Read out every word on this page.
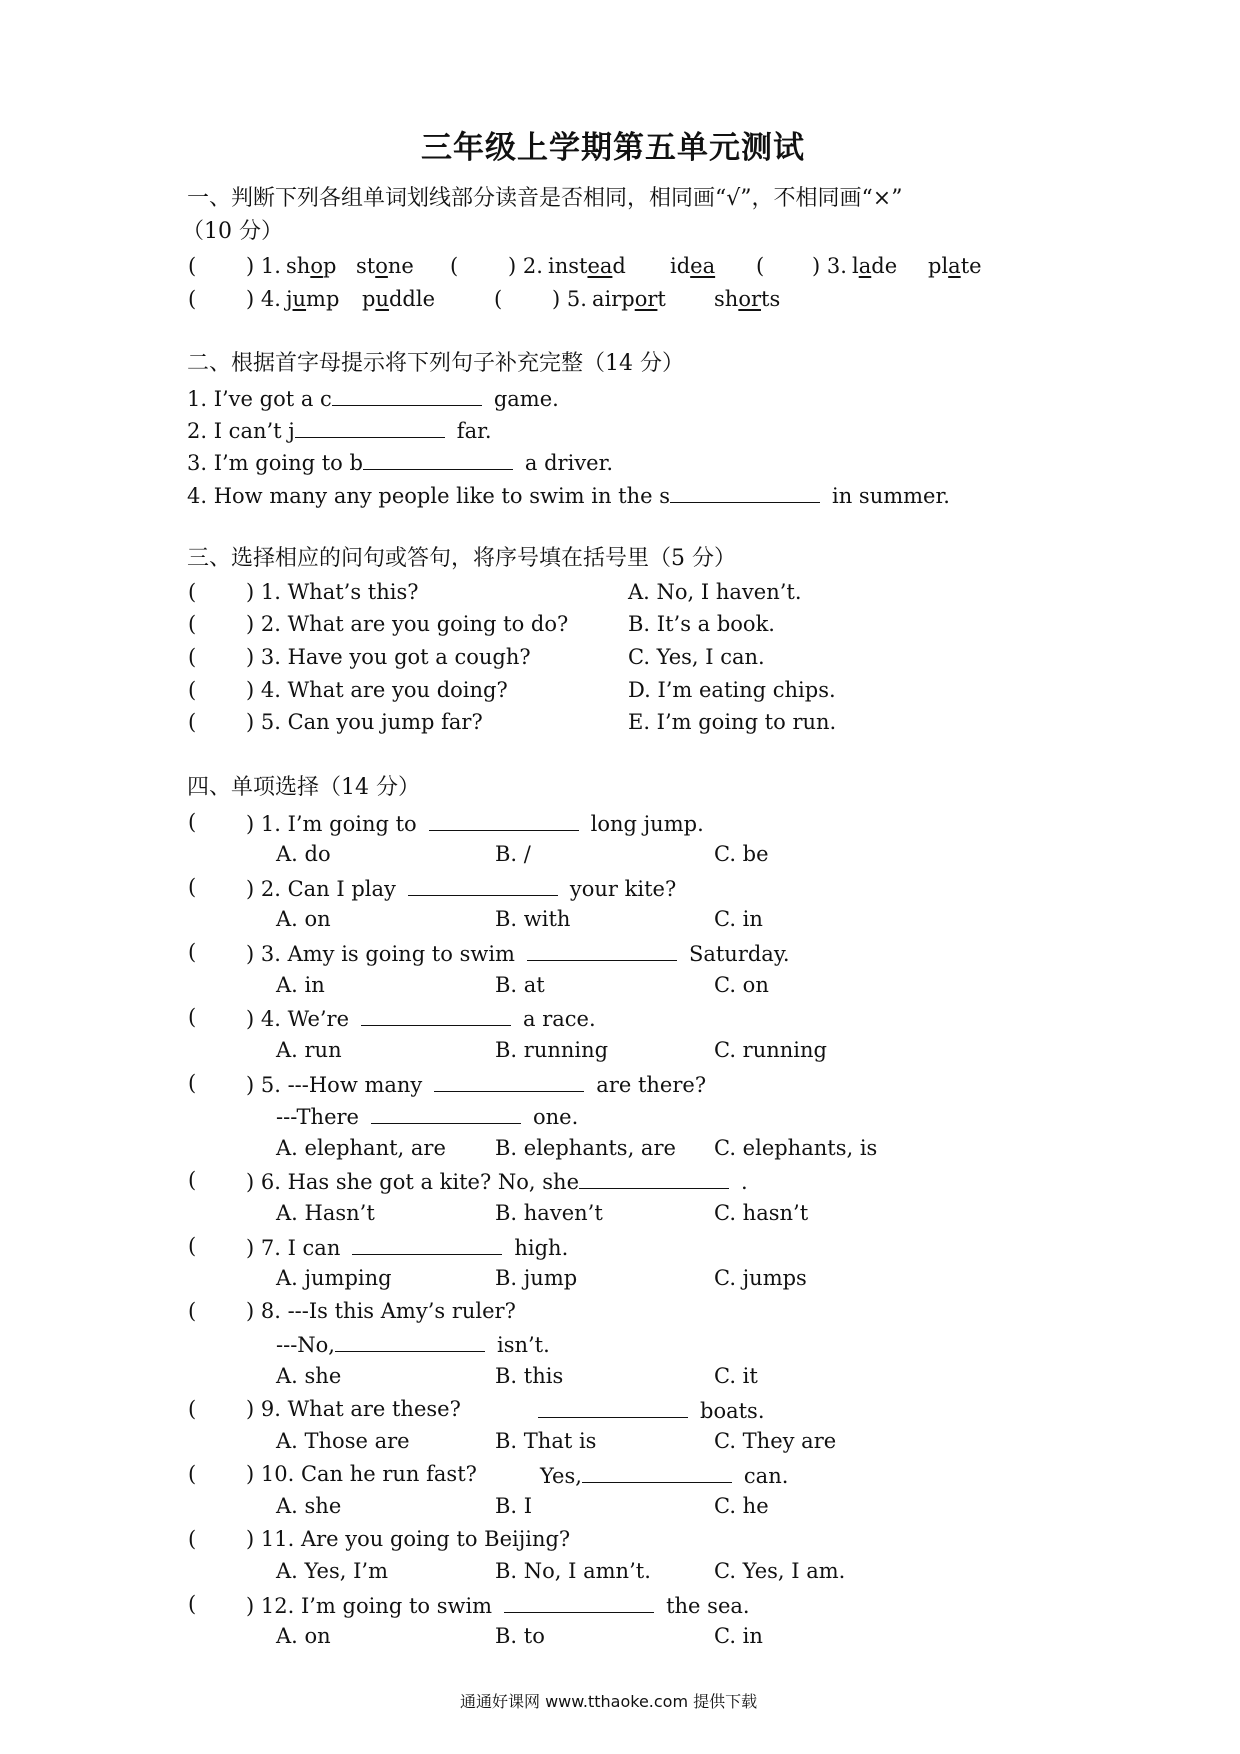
三年级上学期第五单元测试
一、判断下列各组单词划线部分读音是否相同，相同画“√”，不相同画“×”
（10 分）
( ) 1. shop stone ( ) 2. instead idea ( ) 3. lade plate
( ) 4. jump puddle	( ) 5. airport shorts
二、根据首字母提示将下列句子补充完整（14 分）
1. I’ve got a c	game.
2. I can’t j	far.
3. I’m going to b	a driver.
4. How many any people like to swim in the s	in summer.
三、选择相应的问句或答句，将序号填在括号里（5 分）
( ) 1. What’s this?	A. No, I haven’t.
( ) 2. What are you going to do?	B. It’s a book.
( ) 3. Have you got a cough?	C. Yes, I can.
( ) 4. What are you doing?	D. I’m eating chips.
( ) 5. Can you jump far?	E. I’m going to run.
四、单项选择（14 分）
( ) 1. I’m going to	long jump.
A. do	B. /	C. be
( ) 2. Can I play	your kite?
A. on	B. with	C. in
( ) 3. Amy is going to swim	Saturday.
A. in	B. at	C. on
( ) 4. We’re	a race.
A. run	B. running	C. running
( ) 5. ---How many	are there?
---There	one.
A. elephant, are B. elephants, are C. elephants, is
( ) 6. Has she got a kite? No, she	.
A. Hasn’t	B. haven’t	C. hasn’t
( ) 7. I can	high.
A. jumping	B. jump	C. jumps
( ) 8. ---Is this Amy’s ruler?
---No,	isn’t.
A. she	B. this	C. it
( ) 9. What are these?	boats.
A. Those are	B. That is	C. They are
( ) 10. Can he run fast?	Yes,	can.
A. she	B. I	C. he
( ) 11. Are you going to Beijing?
A. Yes, I’m	B. No, I amn’t.	C. Yes, I am.
( ) 12. I’m going to swim	the sea.
A. on	B. to	C. in
通通好课网 www.tthaoke.com 提供下载
